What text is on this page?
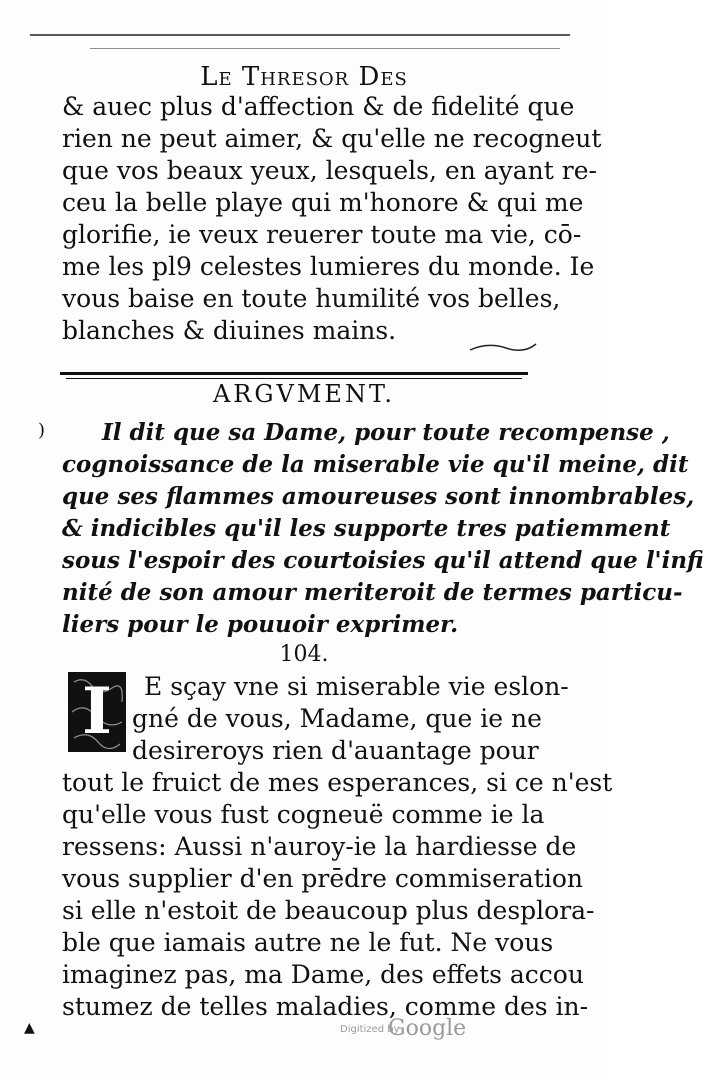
Le Thresor Des
& auec plus d'affection & de fidelité que
rien ne peut aimer, & qu'elle ne recogneut
que vos beaux yeux, lesquels, en ayant re-
ceu la belle playe qui m'honore & qui me
glorifie, ie veux reuerer toute ma vie, cō-
me les pl9 celestes lumieres du monde. Ie
vous baise en toute humilité vos belles,
blanches & diuines mains.
ARGVMENT.
Il dit que sa Dame, pour toute recompense ,
cognoissance de la miserable vie qu'il meine, dit
que ses flammes amoureuses sont innombrables,
& indicibles qu'il les supporte tres patiemment
sous l'espoir des courtoisies qu'il attend que l'infi
nité de son amour meriteroit de termes particu-
liers pour le pouuoir exprimer.
)
104.
I	E sçay vne si miserable vie eslon-
gné de vous, Madame, que ie ne
desireroys rien d'auantage pour
tout le fruict de mes esperances, si ce n'est
qu'elle vous fust cogneuë comme ie la
ressens: Aussi n'auroy-ie la hardiesse de
vous supplier d'en prēdre commiseration
si elle n'estoit de beaucoup plus desplora-
ble que iamais autre ne le fut. Ne vous
imaginez pas, ma Dame, des effets accou
stumez de telles maladies, comme des in-
▲	Digitized by
Google
